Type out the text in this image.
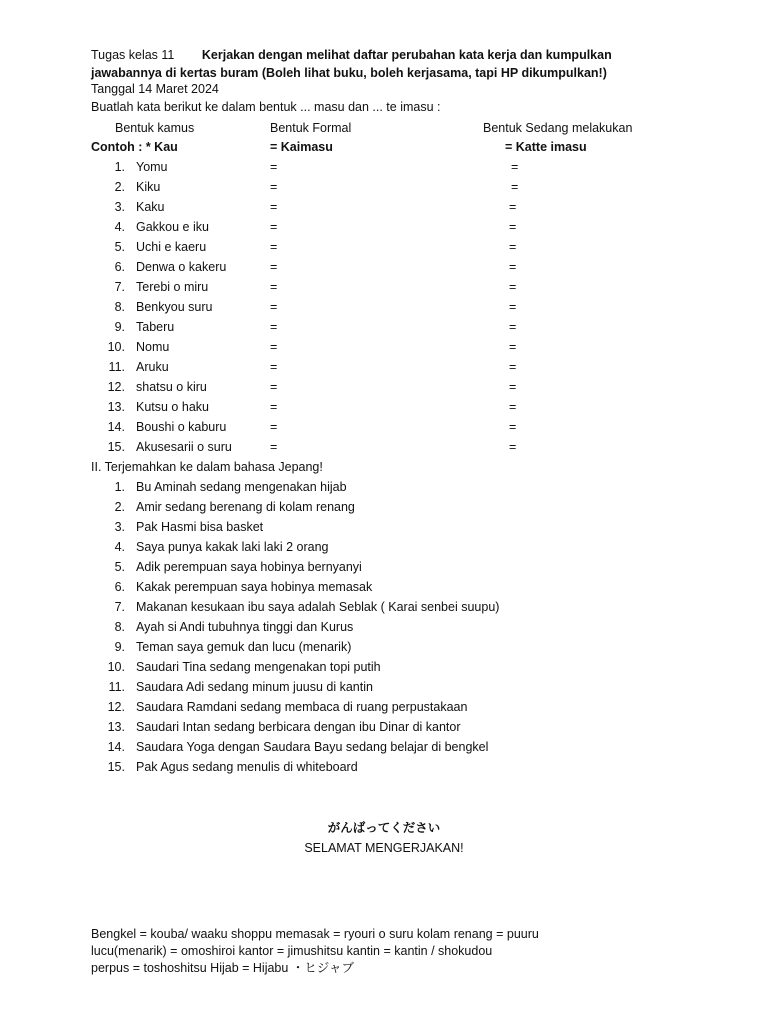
Tugas kelas 11 Kerjakan dengan melihat daftar perubahan kata kerja dan kumpulkan
jawabannya di kertas buram (Boleh lihat buku, boleh kerjasama, tapi HP dikumpulkan!)
Tanggal 14 Maret 2024
Buatlah kata berikut ke dalam bentuk ... masu dan ... te imasu :
Bentuk kamus	Bentuk Formal	Bentuk Sedang melakukan
Contoh : * Kau	= Kaimasu	= Katte imasu
1. Yomu	=	=
2. Kiku	=	=
3. Kaku	=	=
4. Gakkou e iku	=	=
5. Uchi e kaeru	=	=
6. Denwa o kakeru	=	=
7. Terebi o miru	=	=
8. Benkyou suru	=	=
9. Taberu	=	=
10. Nomu	=	=
11. Aruku	=	=
12. shatsu o kiru	=	=
13. Kutsu o haku	=	=
14. Boushi o kaburu	=	=
15. Akusesarii o suru	=	=
II. Terjemahkan ke dalam bahasa Jepang!
1. Bu Aminah sedang mengenakan hijab
2. Amir sedang berenang di kolam renang
3. Pak Hasmi bisa basket
4. Saya punya kakak laki laki 2 orang
5. Adik perempuan saya hobinya bernyanyi
6. Kakak perempuan saya hobinya memasak
7. Makanan kesukaan ibu saya adalah Seblak ( Karai senbei suupu)
8. Ayah si Andi tubuhnya tinggi dan Kurus
9. Teman saya gemuk dan lucu (menarik)
10. Saudari Tina sedang mengenakan topi putih
11. Saudara Adi sedang minum juusu di kantin
12. Saudara Ramdani sedang membaca di ruang perpustakaan
13. Saudari Intan sedang berbicara dengan ibu Dinar di kantor
14. Saudara Yoga dengan Saudara Bayu sedang belajar di bengkel
15. Pak Agus sedang menulis di whiteboard
がんばってください
SELAMAT MENGERJAKAN!
Bengkel = kouba/ waaku shoppu memasak = ryouri o suru kolam renang = puuru
lucu(menarik) = omoshiroi kantor = jimushitsu kantin = kantin / shokudou
perpus = toshoshitsu Hijab = Hijabu ・ヒジャブ
